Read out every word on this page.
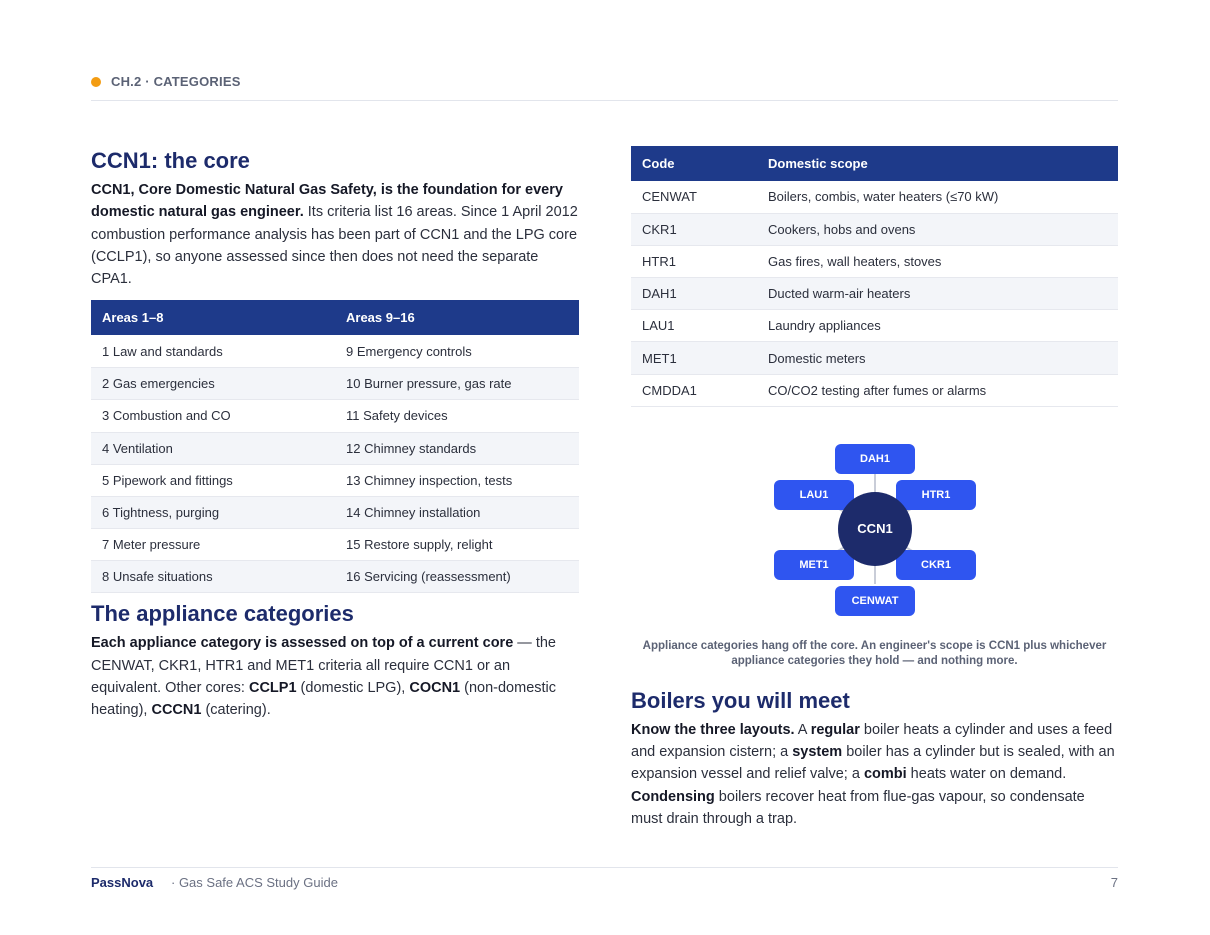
CH.2 · CATEGORIES
CCN1: the core

CCN1, Core Domestic Natural Gas Safety, is the foundation for every domestic natural gas engineer. Its criteria list 16 areas. Since 1 April 2012 combustion performance analysis has been part of CCN1 and the LPG core (CCLP1), so anyone assessed since then does not need the separate CPA1.

Areas 1–8	Areas 9–16
1 Law and standards	9 Emergency controls
2 Gas emergencies	10 Burner pressure, gas rate
3 Combustion and CO	11 Safety devices
4 Ventilation	12 Chimney standards
5 Pipework and fittings	13 Chimney inspection, tests
6 Tightness, purging	14 Chimney installation
7 Meter pressure	15 Restore supply, relight
8 Unsafe situations	16 Servicing (reassessment)
The appliance categories

Each appliance category is assessed on top of a current core — the CENWAT, CKR1, HTR1 and MET1 criteria all require CCN1 or an equivalent. Other cores: CCLP1 (domestic LPG), COCN1 (non-domestic heating), CCCN1 (catering).

Code	Domestic scope
CENWAT	Boilers, combis, water heaters (≤70 kW)
CKR1	Cookers, hobs and ovens
HTR1	Gas fires, wall heaters, stoves
DAH1	Ducted warm-air heaters
LAU1	Laundry appliances
MET1	Domestic meters
CMDDA1	CO/CO2 testing after fumes or alarms
DAH1
LAU1	HTR1
MET1	CKR1
CENWAT
CCN1

Appliance categories hang off the core. An engineer's scope is CCN1 plus whichever appliance categories they hold — and nothing more.

Boilers you will meet

Know the three layouts. A regular boiler heats a cylinder and uses a feed and expansion cistern; a system boiler has a cylinder but is sealed, with an expansion vessel and relief valve; a combi heats water on demand. Condensing boilers recover heat from flue-gas vapour, so condensate must drain through a trap.

PassNova · Gas Safe ACS Study Guide	7
